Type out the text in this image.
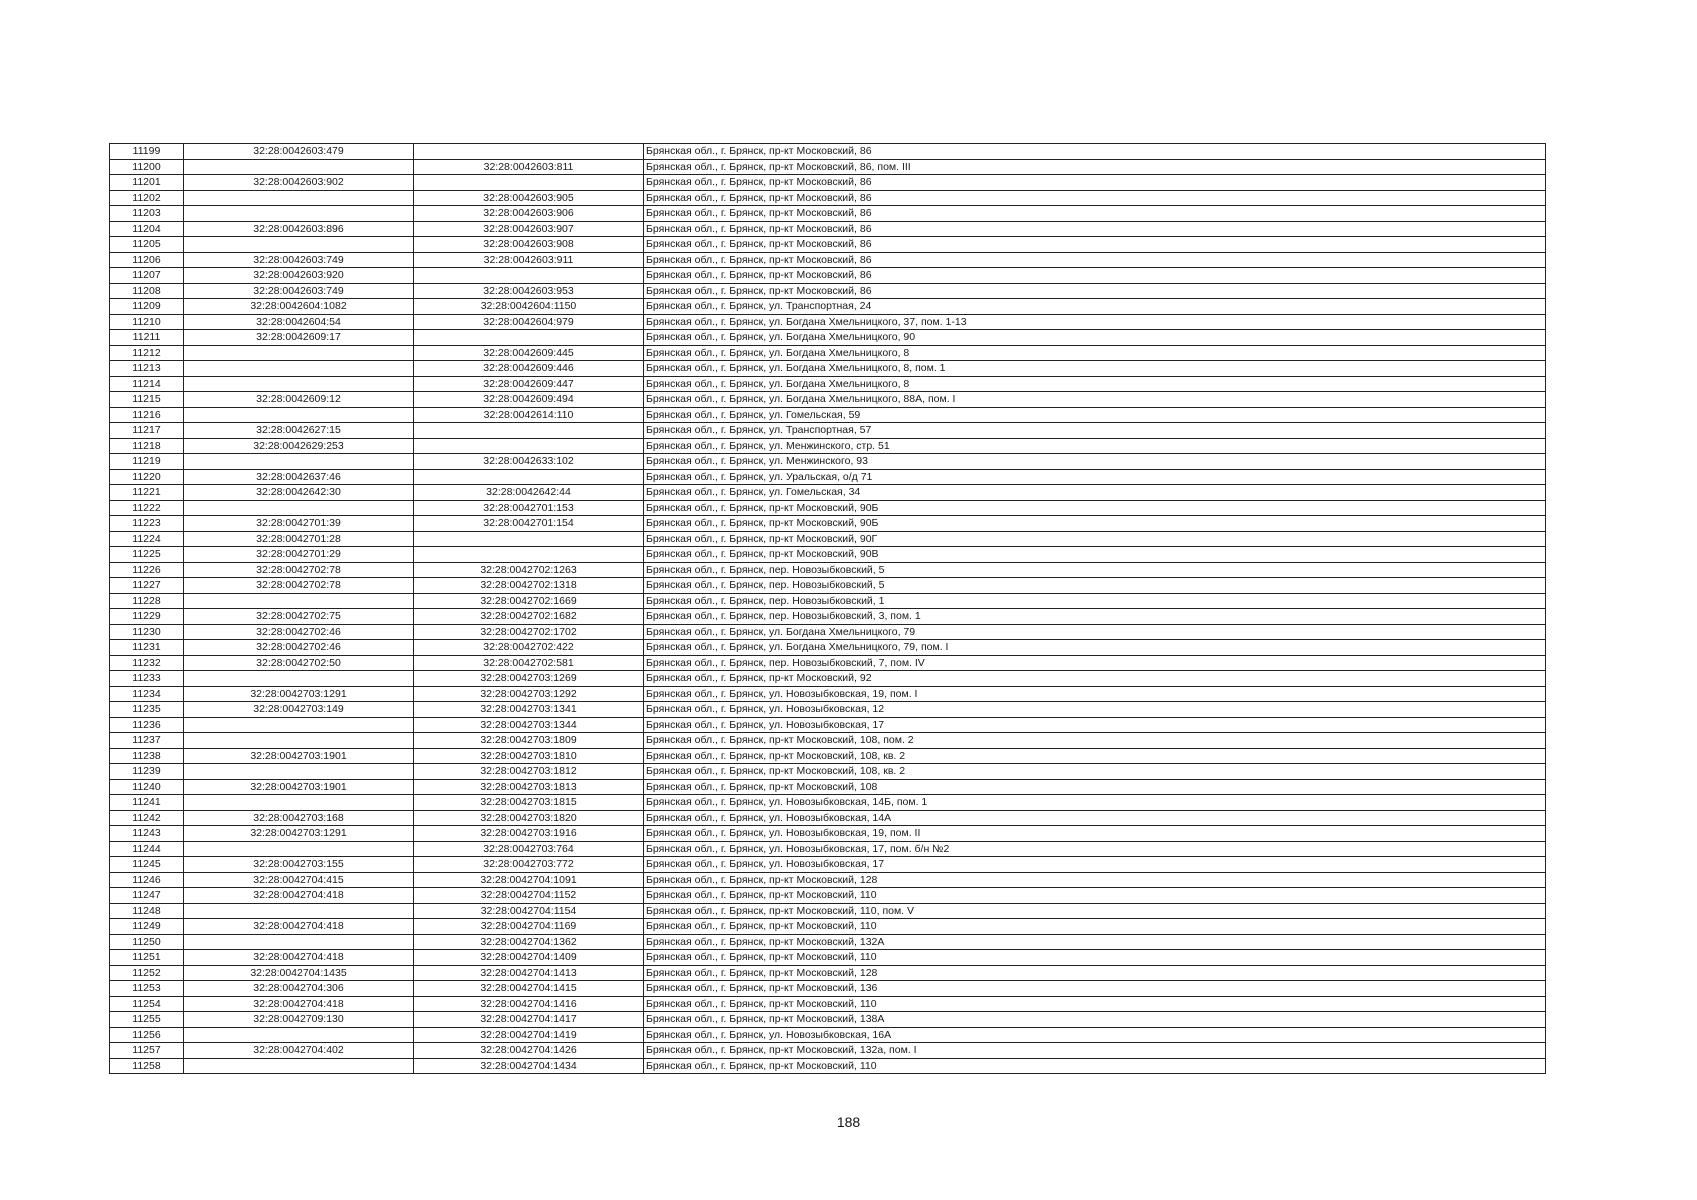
11199	32:28:0042603:479		Брянская обл., г. Брянск, пр-кт Московский, 86
11200		32:28:0042603:811	Брянская обл., г. Брянск, пр-кт Московский, 86, пом. III
11201	32:28:0042603:902		Брянская обл., г. Брянск, пр-кт Московский, 86
11202		32:28:0042603:905	Брянская обл., г. Брянск, пр-кт Московский, 86
11203		32:28:0042603:906	Брянская обл., г. Брянск, пр-кт Московский, 86
11204	32:28:0042603:896	32:28:0042603:907	Брянская обл., г. Брянск, пр-кт Московский, 86
11205		32:28:0042603:908	Брянская обл., г. Брянск, пр-кт Московский, 86
11206	32:28:0042603:749	32:28:0042603:911	Брянская обл., г. Брянск, пр-кт Московский, 86
11207	32:28:0042603:920		Брянская обл., г. Брянск, пр-кт Московский, 86
11208	32:28:0042603:749	32:28:0042603:953	Брянская обл., г. Брянск, пр-кт Московский, 86
11209	32:28:0042604:1082	32:28:0042604:1150	Брянская обл., г. Брянск, ул. Транспортная, 24
11210	32:28:0042604:54	32:28:0042604:979	Брянская обл., г. Брянск, ул. Богдана Хмельницкого, 37, пом. 1-13
11211	32:28:0042609:17		Брянская обл., г. Брянск, ул. Богдана Хмельницкого, 90
11212		32:28:0042609:445	Брянская обл., г. Брянск, ул. Богдана Хмельницкого, 8
11213		32:28:0042609:446	Брянская обл., г. Брянск, ул. Богдана Хмельницкого, 8, пом. 1
11214		32:28:0042609:447	Брянская обл., г. Брянск, ул. Богдана Хмельницкого, 8
11215	32:28:0042609:12	32:28:0042609:494	Брянская обл., г. Брянск, ул. Богдана Хмельницкого, 88А, пом. I
11216		32:28:0042614:110	Брянская обл., г. Брянск, ул. Гомельская, 59
11217	32:28:0042627:15		Брянская обл., г. Брянск, ул. Транспортная, 57
11218	32:28:0042629:253		Брянская обл., г. Брянск, ул. Менжинского, стр. 51
11219		32:28:0042633:102	Брянская обл., г. Брянск, ул. Менжинского, 93
11220	32:28:0042637:46		Брянская обл., г. Брянск, ул. Уральская, о/д 71
11221	32:28:0042642:30	32:28:0042642:44	Брянская обл., г. Брянск, ул. Гомельская, 34
11222		32:28:0042701:153	Брянская обл., г. Брянск, пр-кт Московский, 90Б
11223	32:28:0042701:39	32:28:0042701:154	Брянская обл., г. Брянск, пр-кт Московский, 90Б
11224	32:28:0042701:28		Брянская обл., г. Брянск, пр-кт Московский, 90Г
11225	32:28:0042701:29		Брянская обл., г. Брянск, пр-кт Московский, 90В
11226	32:28:0042702:78	32:28:0042702:1263	Брянская обл., г. Брянск, пер. Новозыбковский, 5
11227	32:28:0042702:78	32:28:0042702:1318	Брянская обл., г. Брянск, пер. Новозыбковский, 5
11228		32:28:0042702:1669	Брянская обл., г. Брянск, пер. Новозыбковский, 1
11229	32:28:0042702:75	32:28:0042702:1682	Брянская обл., г. Брянск, пер. Новозыбковский, 3, пом. 1
11230	32:28:0042702:46	32:28:0042702:1702	Брянская обл., г. Брянск, ул. Богдана Хмельницкого, 79
11231	32:28:0042702:46	32:28:0042702:422	Брянская обл., г. Брянск, ул. Богдана Хмельницкого, 79, пом. I
11232	32:28:0042702:50	32:28:0042702:581	Брянская обл., г. Брянск, пер. Новозыбковский, 7, пом. IV
11233		32:28:0042703:1269	Брянская обл., г. Брянск, пр-кт Московский, 92
11234	32:28:0042703:1291	32:28:0042703:1292	Брянская обл., г. Брянск, ул. Новозыбковская, 19, пом. I
11235	32:28:0042703:149	32:28:0042703:1341	Брянская обл., г. Брянск, ул. Новозыбковская, 12
11236		32:28:0042703:1344	Брянская обл., г. Брянск, ул. Новозыбковская, 17
11237		32:28:0042703:1809	Брянская обл., г. Брянск, пр-кт Московский, 108, пом. 2
11238	32:28:0042703:1901	32:28:0042703:1810	Брянская обл., г. Брянск, пр-кт Московский, 108, кв. 2
11239		32:28:0042703:1812	Брянская обл., г. Брянск, пр-кт Московский, 108, кв. 2
11240	32:28:0042703:1901	32:28:0042703:1813	Брянская обл., г. Брянск, пр-кт Московский, 108
11241		32:28:0042703:1815	Брянская обл., г. Брянск, ул. Новозыбковская, 14Б, пом. 1
11242	32:28:0042703:168	32:28:0042703:1820	Брянская обл., г. Брянск, ул. Новозыбковская, 14А
11243	32:28:0042703:1291	32:28:0042703:1916	Брянская обл., г. Брянск, ул. Новозыбковская, 19, пом. II
11244		32:28:0042703:764	Брянская обл., г. Брянск, ул. Новозыбковская, 17, пом. б/н №2
11245	32:28:0042703:155	32:28:0042703:772	Брянская обл., г. Брянск, ул. Новозыбковская, 17
11246	32:28:0042704:415	32:28:0042704:1091	Брянская обл., г. Брянск, пр-кт Московский, 128
11247	32:28:0042704:418	32:28:0042704:1152	Брянская обл., г. Брянск, пр-кт Московский, 110
11248		32:28:0042704:1154	Брянская обл., г. Брянск, пр-кт Московский, 110, пом. V
11249	32:28:0042704:418	32:28:0042704:1169	Брянская обл., г. Брянск, пр-кт Московский, 110
11250		32:28:0042704:1362	Брянская обл., г. Брянск, пр-кт Московский, 132А
11251	32:28:0042704:418	32:28:0042704:1409	Брянская обл., г. Брянск, пр-кт Московский, 110
11252	32:28:0042704:1435	32:28:0042704:1413	Брянская обл., г. Брянск, пр-кт Московский, 128
11253	32:28:0042704:306	32:28:0042704:1415	Брянская обл., г. Брянск, пр-кт Московский, 136
11254	32:28:0042704:418	32:28:0042704:1416	Брянская обл., г. Брянск, пр-кт Московский, 110
11255	32:28:0042709:130	32:28:0042704:1417	Брянская обл., г. Брянск, пр-кт Московский, 138А
11256		32:28:0042704:1419	Брянская обл., г. Брянск, ул. Новозыбковская, 16А
11257	32:28:0042704:402	32:28:0042704:1426	Брянская обл., г. Брянск, пр-кт Московский, 132а, пом. I
11258		32:28:0042704:1434	Брянская обл., г. Брянск, пр-кт Московский, 110
188
